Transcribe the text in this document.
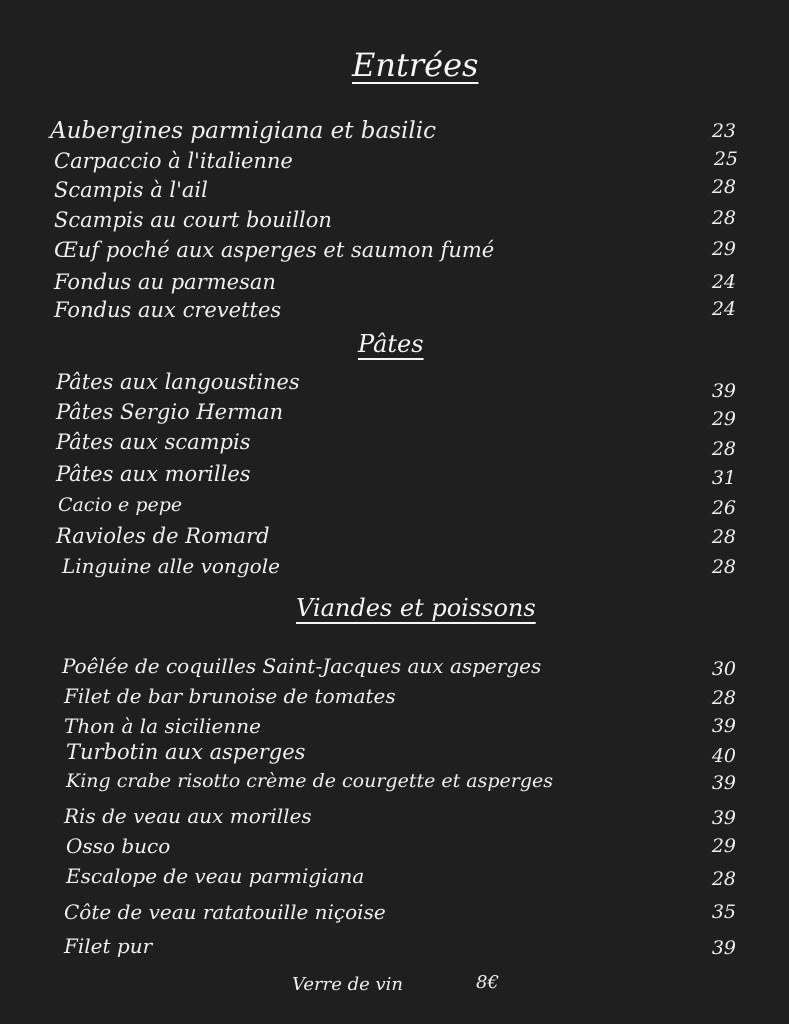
Entrées
Aubergines parmigiana et basilic	23
Carpaccio à l'italienne	25
Scampis à l'ail	28
Scampis au court bouillon	28
Œuf poché aux asperges et saumon fumé	29
Fondus au parmesan	24
Fondus aux crevettes	24
Pâtes
Pâtes aux langoustines	39
Pâtes Sergio Herman	29
Pâtes aux scampis	28
Pâtes aux morilles	31
Cacio e pepe	26
Ravioles de Romard	28
Linguine alle vongole	28
Viandes et poissons
Poêlée de coquilles Saint-Jacques aux asperges	30
Filet de bar brunoise de tomates	28
Thon à la sicilienne	39
Turbotin aux asperges	40
King crabe risotto crème de courgette et asperges	39
Ris de veau aux morilles	39
Osso buco	29
Escalope de veau parmigiana	28
Côte de veau ratatouille niçoise	35
Filet pur	39
Verre de vin	8€
